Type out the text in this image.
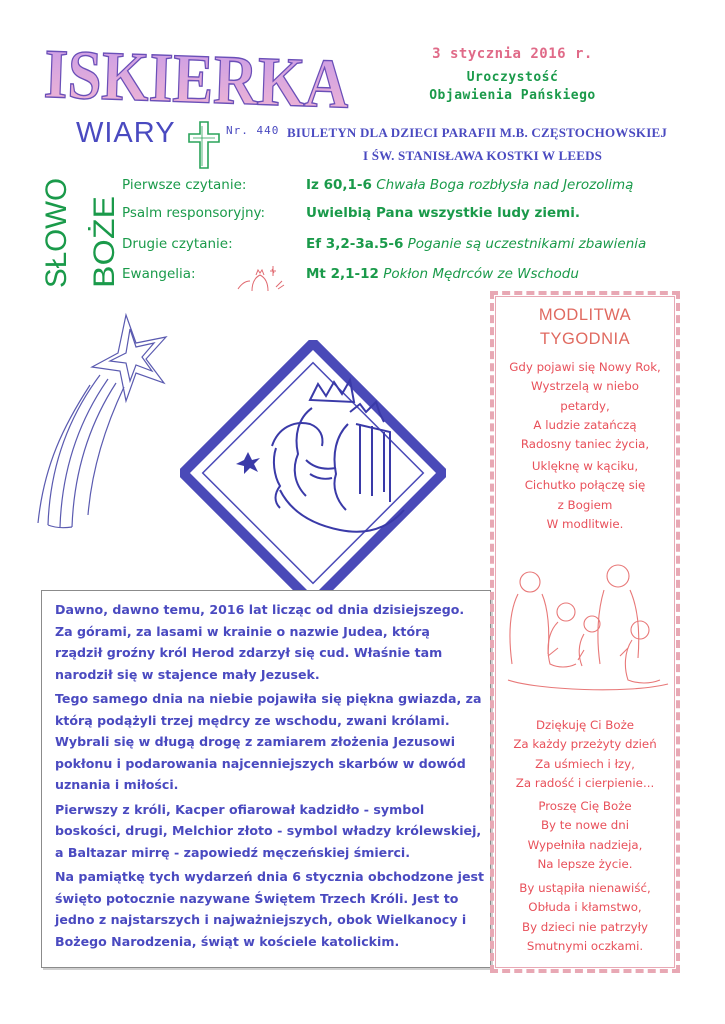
ISKIERKA	3 stycznia 2016 r.
Uroczystość
Objawienia Pańskiego
WIARY	Nr. 440 BIULETYN DLA DZIECI PARAFII M.B. CZĘSTOCHOWSKIEJ
I ŚW. STANISŁAWA KOSTKI W LEEDS
SŁOWO BOŻE
Pierwsze czytanie:	Iz 60,1-6 Chwała Boga rozbłysła nad Jerozolimą
Psalm responsoryjny:	Uwielbią Pana wszystkie ludy ziemi.
Drugie czytanie:	Ef 3,2-3a.5-6 Poganie są uczestnikami zbawienia
Ewangelia:	Mt 2,1-12 Pokłon Mędrców ze Wschodu

Dawno, dawno temu, 2016 lat licząc od dnia dzisiejszego.
Za górami, za lasami w krainie o nazwie Judea, którą
rządził groźny król Herod zdarzył się cud. Właśnie tam
narodził się w stajence mały Jezusek.

Tego samego dnia na niebie pojawiła się piękna gwiazda, za
którą podążyli trzej mędrcy ze wschodu, zwani królami.
Wybrali się w długą drogę z zamiarem złożenia Jezusowi
pokłonu i podarowania najcenniejszych skarbów w dowód
uznania i miłości.

Pierwszy z króli, Kacper ofiarował kadzidło - symbol
boskości, drugi, Melchior złoto - symbol władzy królewskiej,
a Baltazar mirrę - zapowiedź męczeńskiej śmierci.

Na pamiątkę tych wydarzeń dnia 6 stycznia obchodzone jest
święto potocznie nazywane Świętem Trzech Króli. Jest to
jedno z najstarszych i najważniejszych, obok Wielkanocy i
Bożego Narodzenia, świąt w kościele katolickim.

MODLITWA
TYGODNIA
Gdy pojawi się Nowy Rok,
Wystrzelą w niebo
petardy,
A ludzie zatańczą
Radosny taniec życia,
Uklęknę w kąciku,
Cichutko połączę się
z Bogiem
W modlitwie.
Dziękuję Ci Boże
Za każdy przeżyty dzień
Za uśmiech i łzy,
Za radość i cierpienie...
Proszę Cię Boże
By te nowe dni
Wypełniła nadzieja,
Na lepsze życie.
By ustąpiła nienawiść,
Obłuda i kłamstwo,
By dzieci nie patrzyły
Smutnymi oczkami.
